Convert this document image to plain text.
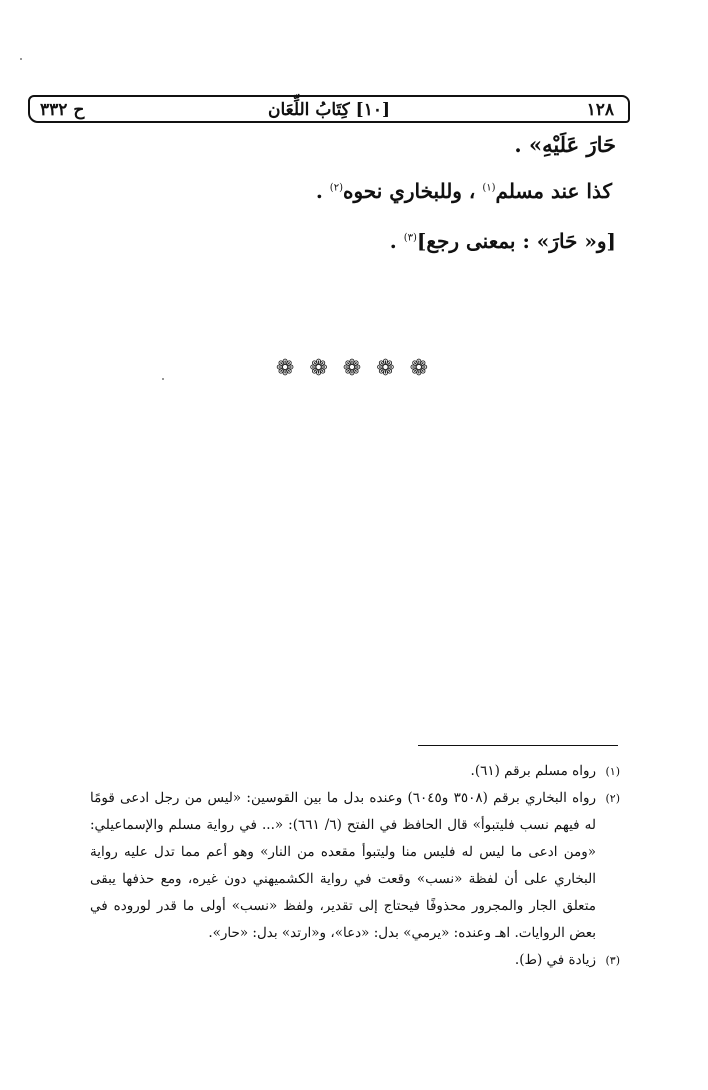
١٢٨
[١٠] كِتَابُ اللِّعَان
ح ٣٣٢
حَارَ عَلَيْهِ» .
كذا عند مسلم$^{(١)}$ ، وللبخاري نحوه$^{(٢)}$ .
[و« حَارَ» : بمعنى رجع]$^{(٣)}$ .
❁ ❁ ❁ ❁ ❁
(١)

رواه مسلم برقم (٦١).

(٢)

رواه البخاري برقم (٣٥٠٨ و٦٠٤٥) وعنده بدل ما بين القوسين: «ليس من رجل ادعى قومًا له فيهم نسب فليتبوأ» قال الحافظ في الفتح (٦/ ٦٦١): «... في رواية مسلم والإسماعيلي: «ومن ادعى ما ليس له فليس منا وليتبوأ مقعده من النار» وهو أعم مما تدل عليه رواية البخاري على أن لفظة «نسب» وقعت في رواية الكشميهني دون غيره، ومع حذفها يبقى متعلق الجار والمجرور محذوفًا فيحتاج إلى تقدير، ولفظ «نسب» أولى ما قدر لوروده في بعض الروايات. اهـ وعنده: «يرمي» بدل: «دعا»، و«ارتد» بدل: «حار».

(٣)

زيادة في (ط).
